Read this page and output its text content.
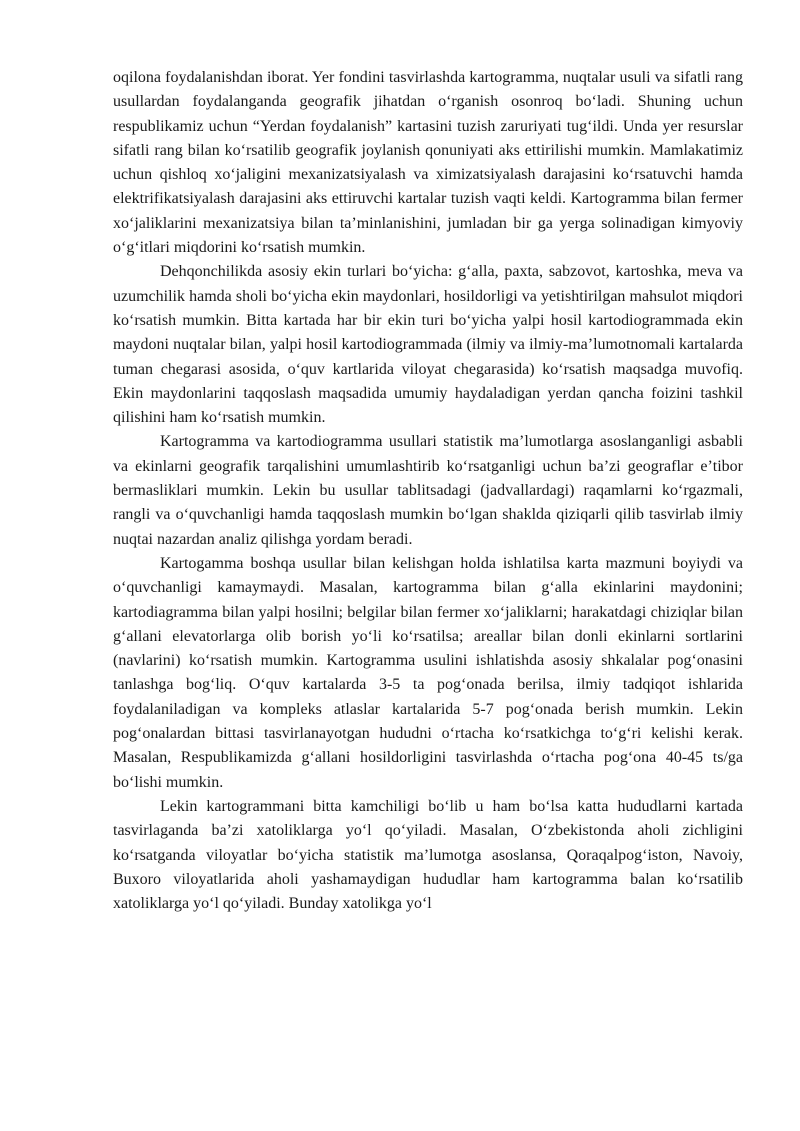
oqilona foydalanishdan iborat. Yer fondini tasvirlashda kartogramma, nuqtalar usuli va sifatli rang usullardan foydalanganda geografik jihatdan oʻrganish osonroq boʻladi. Shuning uchun respublikamiz uchun “Yerdan foydalanish” kartasini tuzish zaruriyati tugʻildi. Unda yer resurslar sifatli rang bilan koʻrsatilib geografik joylanish qonuniyati aks ettirilishi mumkin. Mamlakatimiz uchun qishloq xoʻjaligini mexanizatsiyalash va ximizatsiyalash darajasini koʻrsatuvchi hamda elektrifikatsiyalash darajasini aks ettiruvchi kartalar tuzish vaqti keldi. Kartogramma bilan fermer xoʻjaliklarini mexanizatsiya bilan taʼminlanishini, jumladan bir ga yerga solinadigan kimyoviy oʻgʻitlari miqdorini koʻrsatish mumkin.

Dehqonchilikda asosiy ekin turlari boʻyicha: gʻalla, paxta, sabzovot, kartoshka, meva va uzumchilik hamda sholi boʻyicha ekin maydonlari, hosildorligi va yetishtirilgan mahsulot miqdori koʻrsatish mumkin. Bitta kartada har bir ekin turi boʻyicha yalpi hosil kartodiogrammada ekin maydoni nuqtalar bilan, yalpi hosil kartodiogrammada (ilmiy va ilmiy-maʼlumotnomali kartalarda tuman chegarasi asosida, oʻquv kartlarida viloyat chegarasida) koʻrsatish maqsadga muvofiq. Ekin maydonlarini taqqoslash maqsadida umumiy haydaladigan yerdan qancha foizini tashkil qilishini ham koʻrsatish mumkin.

Kartogramma va kartodiogramma usullari statistik maʼlumotlarga asoslanganligi asbabli va ekinlarni geografik tarqalishini umumlashtirib koʻrsatganligi uchun baʼzi geograflar eʼtibor bermasliklari mumkin. Lekin bu usullar tablitsadagi (jadvallardagi) raqamlarni koʻrgazmali, rangli va oʻquvchanligi hamda taqqoslash mumkin boʻlgan shaklda qiziqarli qilib tasvirlab ilmiy nuqtai nazardan analiz qilishga yordam beradi.

Kartogamma boshqa usullar bilan kelishgan holda ishlatilsa karta mazmuni boyiydi va oʻquvchanligi kamaymaydi. Masalan, kartogramma bilan gʻalla ekinlarini maydonini; kartodiagramma bilan yalpi hosilni; belgilar bilan fermer xoʻjaliklarni; harakatdagi chiziqlar bilan gʻallani elevatorlarga olib borish yoʻli koʻrsatilsa; areallar bilan donli ekinlarni sortlarini (navlarini) koʻrsatish mumkin. Kartogramma usulini ishlatishda asosiy shkalalar pogʻonasini tanlashga bogʻliq. Oʻquv kartalarda 3-5 ta pogʻonada berilsa, ilmiy tadqiqot ishlarida foydalaniladigan va kompleks atlaslar kartalarida 5-7 pogʻonada berish mumkin. Lekin pogʻonalardan bittasi tasvirlanayotgan hududni oʻrtacha koʻrsatkichga toʻgʻri kelishi kerak. Masalan, Respublikamizda gʻallani hosildorligini tasvirlashda oʻrtacha pogʻona 40-45 ts/ga boʻlishi mumkin.

Lekin kartogrammani bitta kamchiligi boʻlib u ham boʻlsa katta hududlarni kartada tasvirlaganda baʼzi xatoliklarga yoʻl qoʻyiladi. Masalan, Oʻzbekistonda aholi zichligini koʻrsatganda viloyatlar boʻyicha statistik maʼlumotga asoslansa, Qoraqalpogʻiston, Navoiy, Buxoro viloyatlarida aholi yashamaydigan hududlar ham kartogramma balan koʻrsatilib xatoliklarga yoʻl qoʻyiladi. Bunday xatolikga yoʻl
